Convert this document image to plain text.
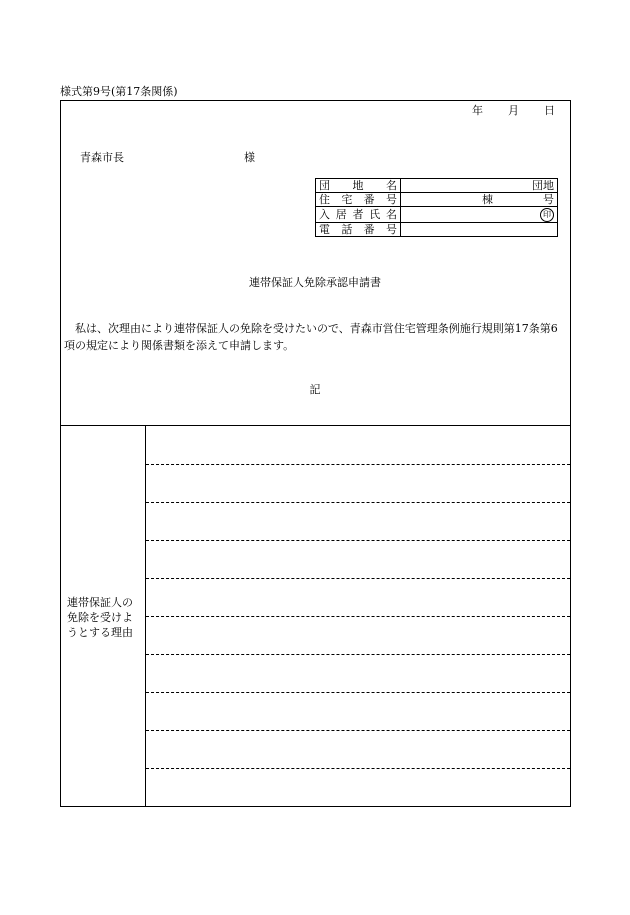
様式第9号(第17条関係)
年 月 日
青森市長	様
団地名	団地
住宅番号	棟 号

入居者氏名	印
電話番号	
連帯保証人免除承認申請書
私は、次理由により連帯保証人の免除を受けたいので、青森市営住宅管理条例施行規則第17条第6項の規定により関係書類を添えて申請します。
記
連帯保証人の免除を受けようとする理由
